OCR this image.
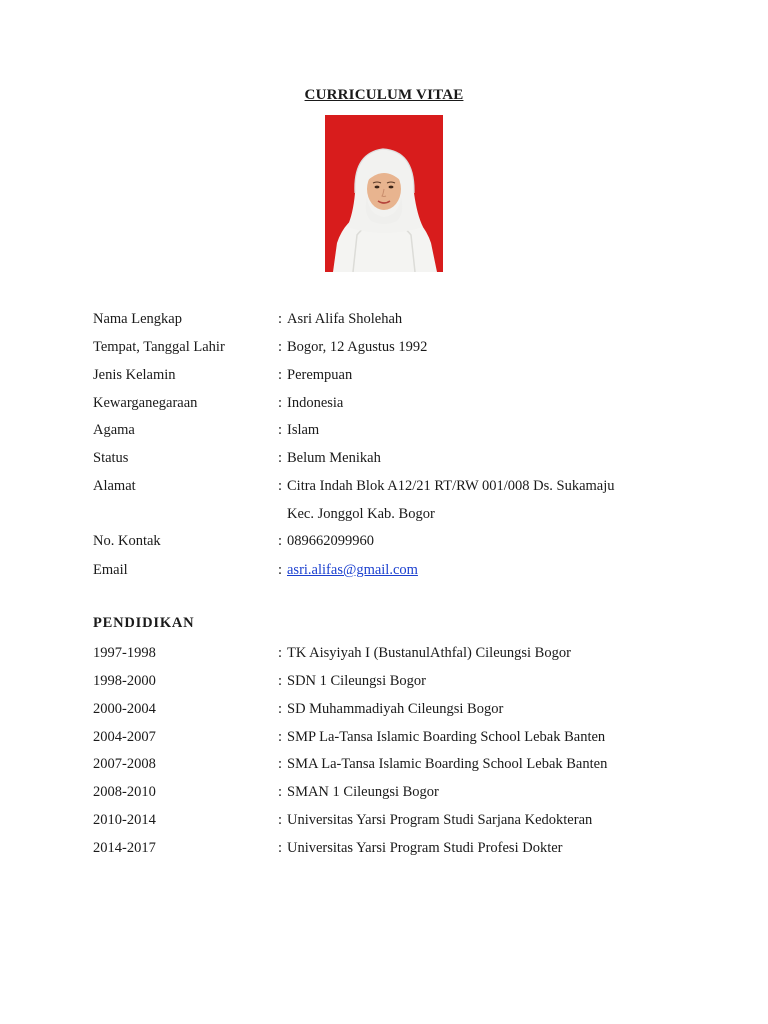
CURRICULUM VITAE
Nama Lengkap	: Asri Alifa Sholehah
Tempat, Tanggal Lahir	: Bogor, 12 Agustus 1992
Jenis Kelamin	: Perempuan
Kewarganegaraan	: Indonesia
Agama	: Islam
Status	: Belum Menikah
Alamat	: Citra Indah Blok A12/21 RT/RW 001/008 Ds. Sukamaju
Kec. Jonggol Kab. Bogor
No. Kontak	: 089662099960
Email	: asri.alifas@gmail.com
PENDIDIKAN
1997-1998	: TK Aisyiyah I (BustanulAthfal) Cileungsi Bogor
1998-2000	: SDN 1 Cileungsi Bogor
2000-2004	: SD Muhammadiyah Cileungsi Bogor
2004-2007	: SMP La-Tansa Islamic Boarding School Lebak Banten
2007-2008	: SMA La-Tansa Islamic Boarding School Lebak Banten
2008-2010	: SMAN 1 Cileungsi Bogor
2010-2014	: Universitas Yarsi Program Studi Sarjana Kedokteran
2014-2017	: Universitas Yarsi Program Studi Profesi Dokter
